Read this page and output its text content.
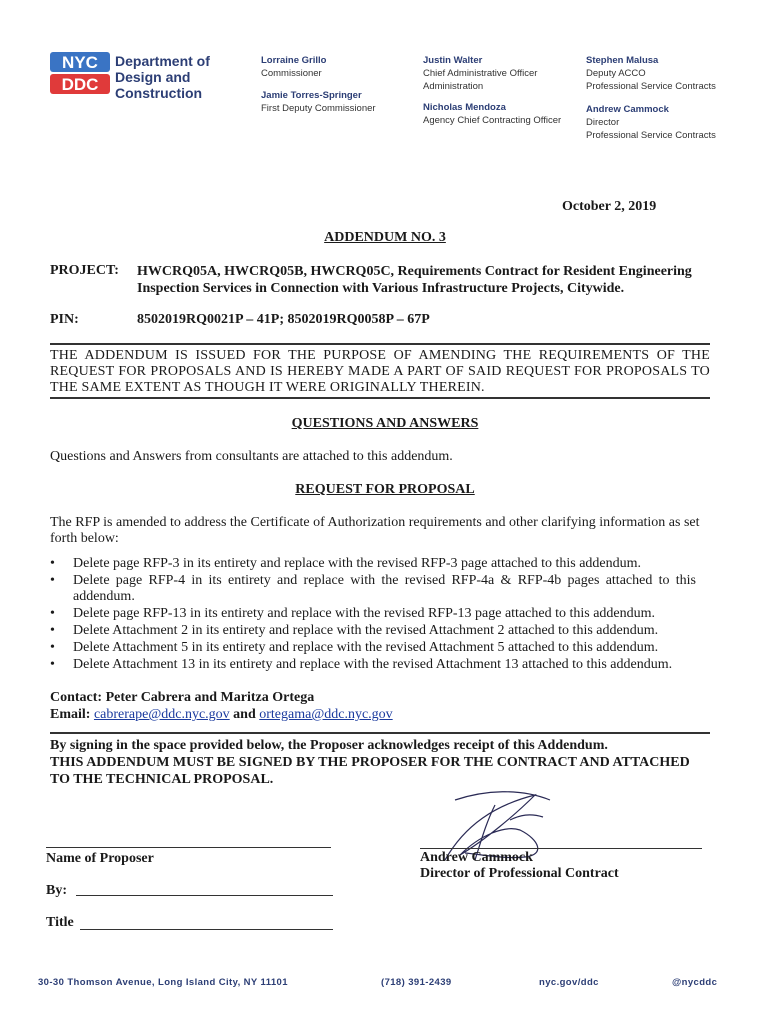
NYC
DDC
Department of
Design and
Construction
Lorraine Grillo
Commissioner
Jamie Torres-Springer
First Deputy Commissioner
Justin Walter
Chief Administrative Officer
Administration
Nicholas Mendoza
Agency Chief Contracting Officer
Stephen Malusa
Deputy ACCO
Professional Service Contracts
Andrew Cammock
Director
Professional Service Contracts
October 2, 2019
ADDENDUM NO. 3
PROJECT: HWCRQ05A, HWCRQ05B, HWCRQ05C, Requirements Contract for Resident Engineering
Inspection Services in Connection with Various Infrastructure Projects, Citywide.
PIN:	8502019RQ0021P – 41P; 8502019RQ0058P – 67P
THE ADDENDUM IS ISSUED FOR THE PURPOSE OF AMENDING THE REQUIREMENTS OF THE REQUEST FOR PROPOSALS AND IS HEREBY MADE A PART OF SAID REQUEST FOR PROPOSALS TO THE SAME EXTENT AS THOUGH IT WERE ORIGINALLY THEREIN.
QUESTIONS AND ANSWERS
Questions and Answers from consultants are attached to this addendum.
REQUEST FOR PROPOSAL
The RFP is amended to address the Certificate of Authorization requirements and other clarifying information as set forth below:
• Delete page RFP-3 in its entirety and replace with the revised RFP-3 page attached to this addendum.
• Delete page RFP-4 in its entirety and replace with the revised RFP-4a & RFP-4b pages attached to this addendum.
• Delete page RFP-13 in its entirety and replace with the revised RFP-13 page attached to this addendum.
• Delete Attachment 2 in its entirety and replace with the revised Attachment 2 attached to this addendum.
• Delete Attachment 5 in its entirety and replace with the revised Attachment 5 attached to this addendum.
• Delete Attachment 13 in its entirety and replace with the revised Attachment 13 attached to this addendum.
Contact: Peter Cabrera and Maritza Ortega
Email: cabrerape@ddc.nyc.gov and ortegama@ddc.nyc.gov
By signing in the space provided below, the Proposer acknowledges receipt of this Addendum.
THIS ADDENDUM MUST BE SIGNED BY THE PROPOSER FOR THE CONTRACT AND ATTACHED
TO THE TECHNICAL PROPOSAL.
Name of Proposer
By:
Title
Andrew Cammock
Director of Professional Contract
30-30 Thomson Avenue, Long Island City, NY 11101	(718) 391-2439	nyc.gov/ddc	@nycddc
